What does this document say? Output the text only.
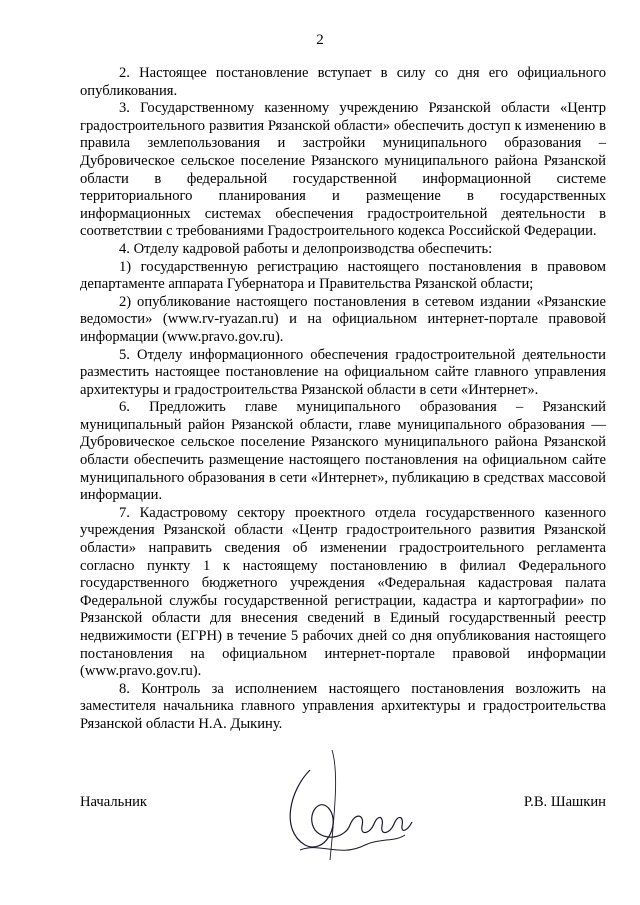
2

2. Настоящее постановление вступает в силу со дня его официального опубликования.

3. Государственному казенному учреждению Рязанской области «Центр градостроительного развития Рязанской области» обеспечить доступ к изменению в правила землепользования и застройки муниципального образования – Дубровическое сельское поселение Рязанского муниципального района Рязанской области в федеральной государственной информационной системе территориального планирования и размещение в государственных информационных системах обеспечения градостроительной деятельности в соответствии с требованиями Градостроительного кодекса Российской Федерации.

4. Отделу кадровой работы и делопроизводства обеспечить:

1) государственную регистрацию настоящего постановления в правовом департаменте аппарата Губернатора и Правительства Рязанской области;

2) опубликование настоящего постановления в сетевом издании «Рязанские ведомости» (www.rv-ryazan.ru) и на официальном интернет-портале правовой информации (www.pravo.gov.ru).

5. Отделу информационного обеспечения градостроительной деятельности разместить настоящее постановление на официальном сайте главного управления архитектуры и градостроительства Рязанской области в сети «Интернет».

6. Предложить главе муниципального образования – Рязанский муниципальный район Рязанской области, главе муниципального образования — Дубровическое сельское поселение Рязанского муниципального района Рязанской области обеспечить размещение настоящего постановления на официальном сайте муниципального образования в сети «Интернет», публикацию в средствах массовой информации.

7. Кадастровому сектору проектного отдела государственного казенного учреждения Рязанской области «Центр градостроительного развития Рязанской области» направить сведения об изменении градостроительного регламента согласно пункту 1 к настоящему постановлению в филиал Федерального государственного бюджетного учреждения «Федеральная кадастровая палата Федеральной службы государственной регистрации, кадастра и картографии» по Рязанской области для внесения сведений в Единый государственный реестр недвижимости (ЕГРН) в течение 5 рабочих дней со дня опубликования настоящего постановления на официальном интернет-портале правовой информации (www.pravo.gov.ru).

8. Контроль за исполнением настоящего постановления возложить на заместителя начальника главного управления архитектуры и градостроительства Рязанской области Н.А. Дыкину.

Начальник	Р.В. Шашкин
